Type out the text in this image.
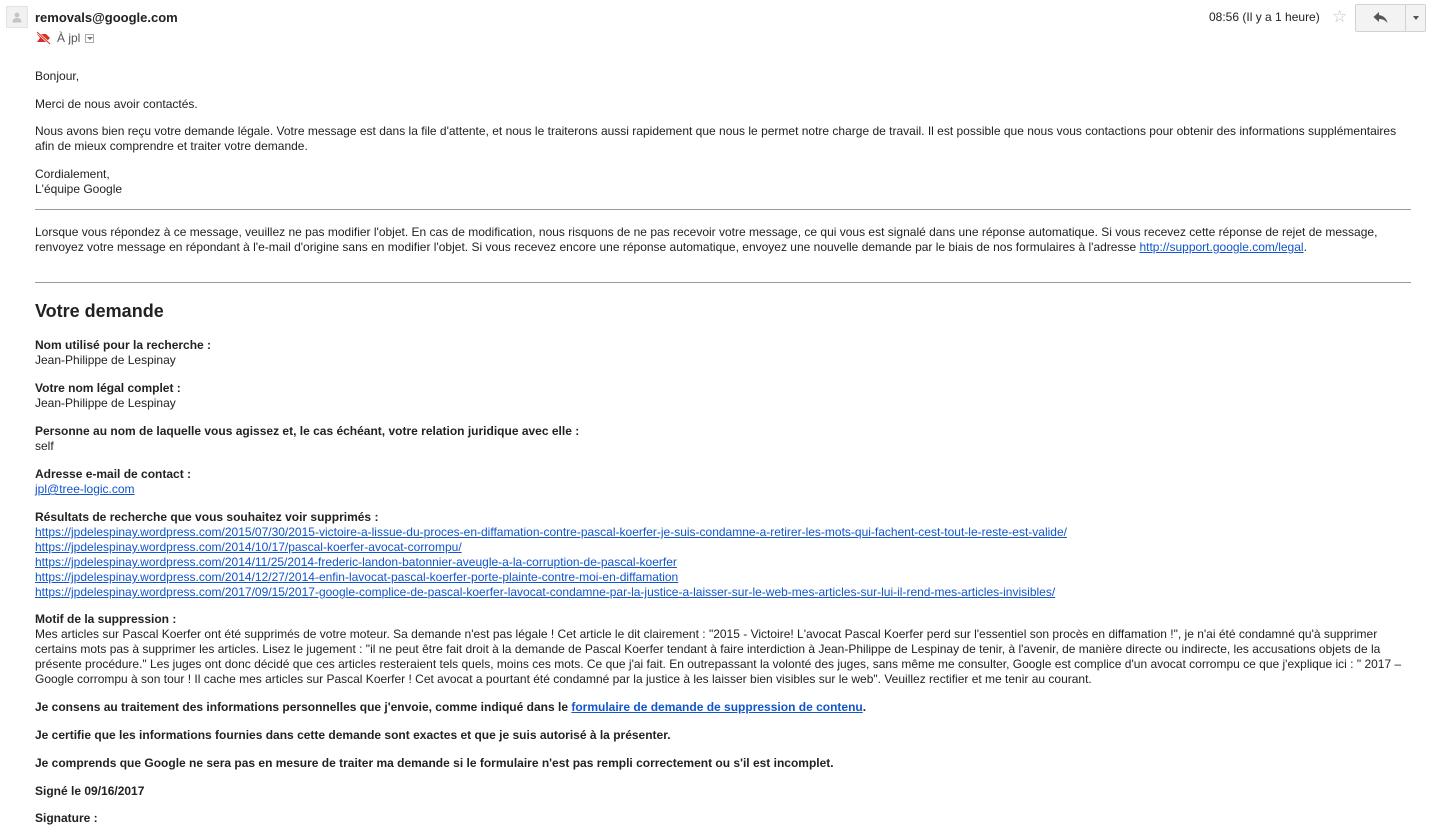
removals@google.com
À jpl
08:56 (Il y a 1 heure) ☆

Bonjour,

Merci de nous avoir contactés.

Nous avons bien reçu votre demande légale. Votre message est dans la file d'attente, et nous le traiterons aussi rapidement que nous le permet notre charge de travail. Il est possible que nous vous contactions pour obtenir des informations supplémentaires afin de mieux comprendre et traiter votre demande.

Cordialement,
L'équipe Google

Lorsque vous répondez à ce message, veuillez ne pas modifier l'objet. En cas de modification, nous risquons de ne pas recevoir votre message, ce qui vous est signalé dans une réponse automatique. Si vous recevez cette réponse de rejet de message, renvoyez votre message en répondant à l'e-mail d'origine sans en modifier l'objet. Si vous recevez encore une réponse automatique, envoyez une nouvelle demande par le biais de nos formulaires à l'adresse http://support.google.com/legal.

Votre demande
Nom utilisé pour la recherche :
Jean-Philippe de Lespinay
Votre nom légal complet :
Jean-Philippe de Lespinay
Personne au nom de laquelle vous agissez et, le cas échéant, votre relation juridique avec elle :
self
Adresse e-mail de contact :
jpl@tree-logic.com
Résultats de recherche que vous souhaitez voir supprimés :
https://jpdelespinay.wordpress.com/2015/07/30/2015-victoire-a-lissue-du-proces-en-diffamation-contre-pascal-koerfer-je-suis-condamne-a-retirer-les-mots-qui-fachent-cest-tout-le-reste-est-valide/
https://jpdelespinay.wordpress.com/2014/10/17/pascal-koerfer-avocat-corrompu/
https://jpdelespinay.wordpress.com/2014/11/25/2014-frederic-landon-batonnier-aveugle-a-la-corruption-de-pascal-koerfer
https://jpdelespinay.wordpress.com/2014/12/27/2014-enfin-lavocat-pascal-koerfer-porte-plainte-contre-moi-en-diffamation
https://jpdelespinay.wordpress.com/2017/09/15/2017-google-complice-de-pascal-koerfer-lavocat-condamne-par-la-justice-a-laisser-sur-le-web-mes-articles-sur-lui-il-rend-mes-articles-invisibles/
Motif de la suppression :
Mes articles sur Pascal Koerfer ont été supprimés de votre moteur. Sa demande n'est pas légale ! Cet article le dit clairement : "2015 - Victoire! L'avocat Pascal Koerfer perd sur l'essentiel son procès en diffamation !", je n'ai été condamné qu'à supprimer certains mots pas à supprimer les articles. Lisez le jugement : "il ne peut être fait droit à la demande de Pascal Koerfer tendant à faire interdiction à Jean-Philippe de Lespinay de tenir, à l'avenir, de manière directe ou indirecte, les accusations objets de la présente procédure." Les juges ont donc décidé que ces articles resteraient tels quels, moins ces mots. Ce que j'ai fait. En outrepassant la volonté des juges, sans même me consulter, Google est complice d'un avocat corrompu ce que j'explique ici : " 2017 – Google corrompu à son tour ! Il cache mes articles sur Pascal Koerfer ! Cet avocat a pourtant été condamné par la justice à les laisser bien visibles sur le web". Veuillez rectifier et me tenir au courant.

Je consens au traitement des informations personnelles que j'envoie, comme indiqué dans le formulaire de demande de suppression de contenu.

Je certifie que les informations fournies dans cette demande sont exactes et que je suis autorisé à la présenter.

Je comprends que Google ne sera pas en mesure de traiter ma demande si le formulaire n'est pas rempli correctement ou s'il est incomplet.

Signé le 09/16/2017

Signature :
